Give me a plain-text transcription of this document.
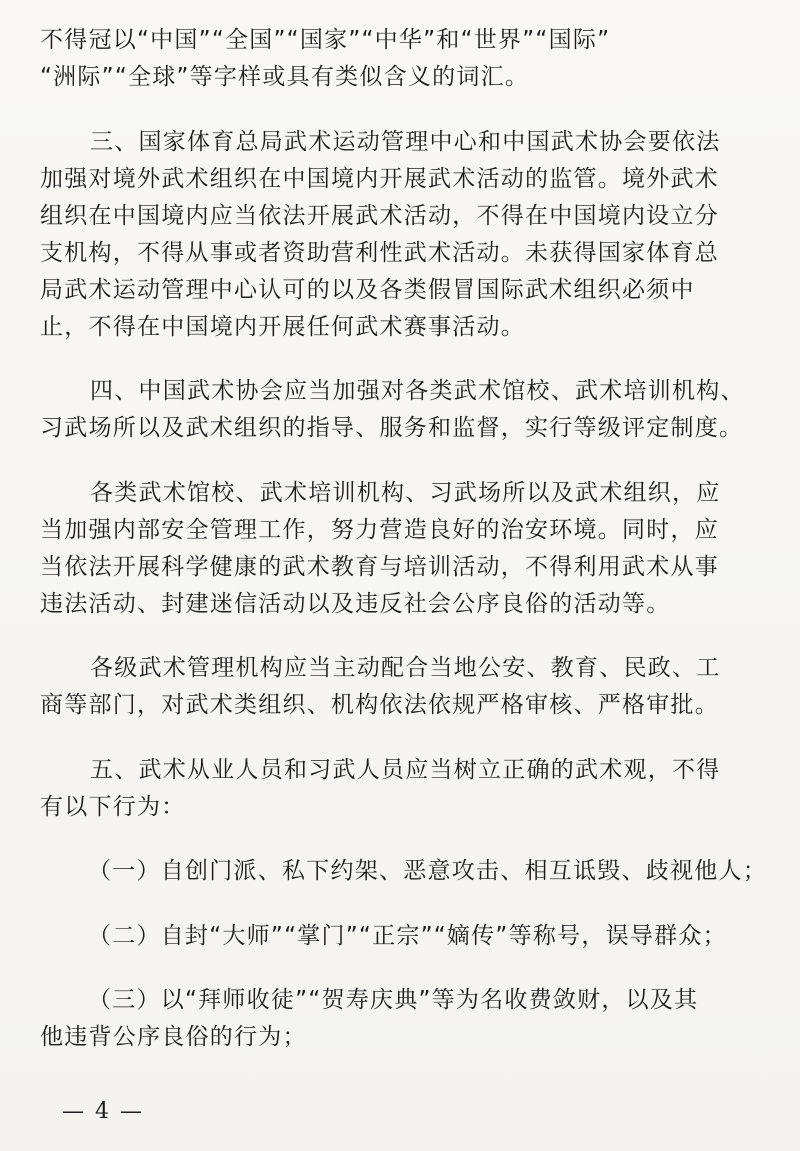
不得冠以“中国”“全国”“国家”“中华”和“世界”“国际”
“洲际”“全球”等字样或具有类似含义的词汇。
三、国家体育总局武术运动管理中心和中国武术协会要依法
加强对境外武术组织在中国境内开展武术活动的监管。境外武术
组织在中国境内应当依法开展武术活动，不得在中国境内设立分
支机构，不得从事或者资助营利性武术活动。未获得国家体育总
局武术运动管理中心认可的以及各类假冒国际武术组织必须中
止，不得在中国境内开展任何武术赛事活动。
四、中国武术协会应当加强对各类武术馆校、武术培训机构、
习武场所以及武术组织的指导、服务和监督，实行等级评定制度。
各类武术馆校、武术培训机构、习武场所以及武术组织，应
当加强内部安全管理工作，努力营造良好的治安环境。同时，应
当依法开展科学健康的武术教育与培训活动，不得利用武术从事
违法活动、封建迷信活动以及违反社会公序良俗的活动等。
各级武术管理机构应当主动配合当地公安、教育、民政、工
商等部门，对武术类组织、机构依法依规严格审核、严格审批。
五、武术从业人员和习武人员应当树立正确的武术观，不得
有以下行为：
（一）自创门派、私下约架、恶意攻击、相互诋毁、歧视他人；
（二）自封“大师”“掌门”“正宗”“嫡传”等称号，误导群众；
（三）以“拜师收徒”“贺寿庆典”等为名收费敛财，以及其
他违背公序良俗的行为；
— 4 —
